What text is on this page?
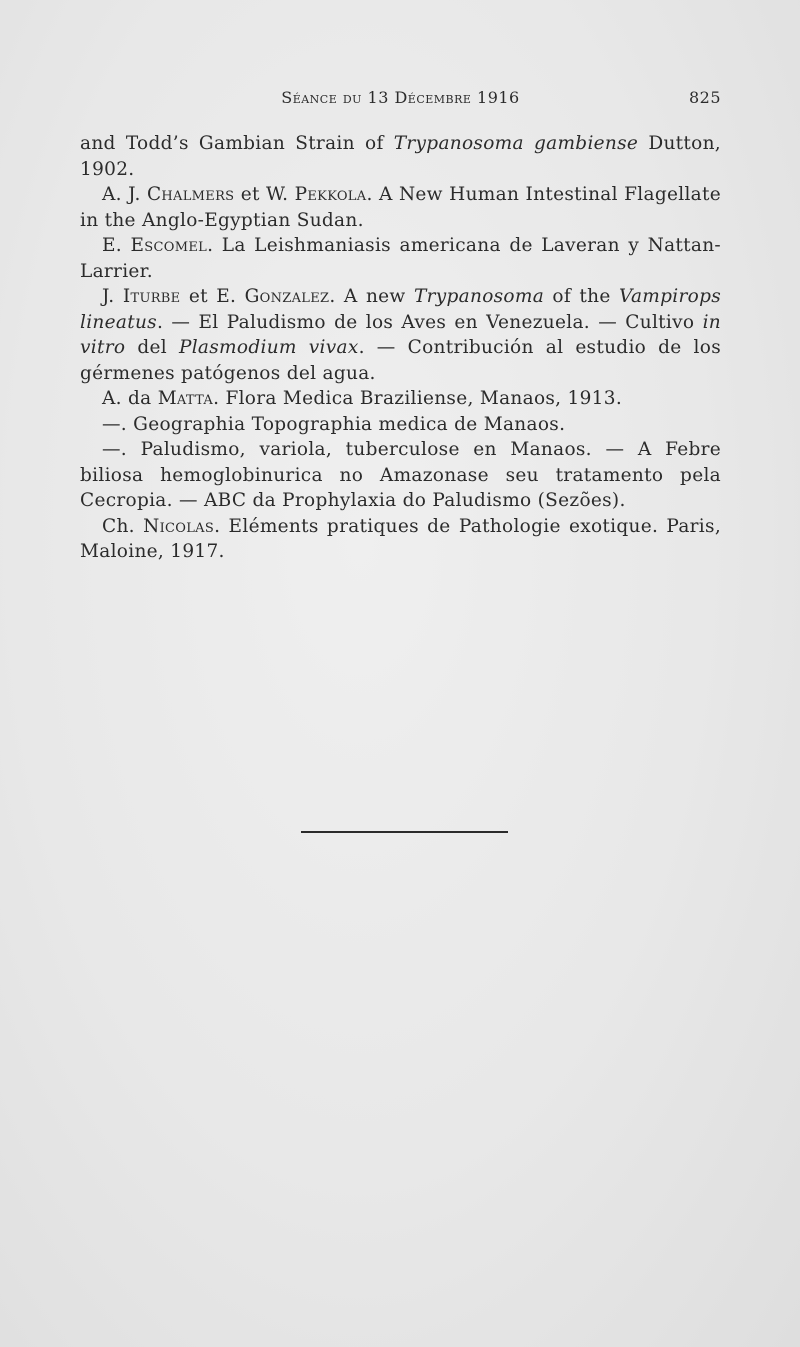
Séance du 13 Décembre 1916	825

and Todd’s Gambian Strain of Trypanosoma gambiense Dutton, 1902.

A. J. Chalmers et W. Pekkola. A New Human Intestinal Flagellate in the Anglo-Egyptian Sudan.

E. Escomel. La Leishmaniasis americana de Laveran y Nattan-Larrier.

J. Iturbe et E. Gonzalez. A new Trypanosoma of the Vampirops lineatus. — El Paludismo de los Aves en Venezuela. — Cultivo in vitro del Plasmodium vivax. — Contribución al estudio de los gérmenes patógenos del agua.

A. da Matta. Flora Medica Braziliense, Manaos, 1913.

—. Geographia Topographia medica de Manaos.

—. Paludismo, variola, tuberculose en Manaos. — A Febre biliosa hemoglobinurica no Amazonase seu tratamento pela Cecropia. — ABC da Prophylaxia do Paludismo (Sezões).

Ch. Nicolas. Eléments pratiques de Pathologie exotique. Paris, Maloine, 1917.
